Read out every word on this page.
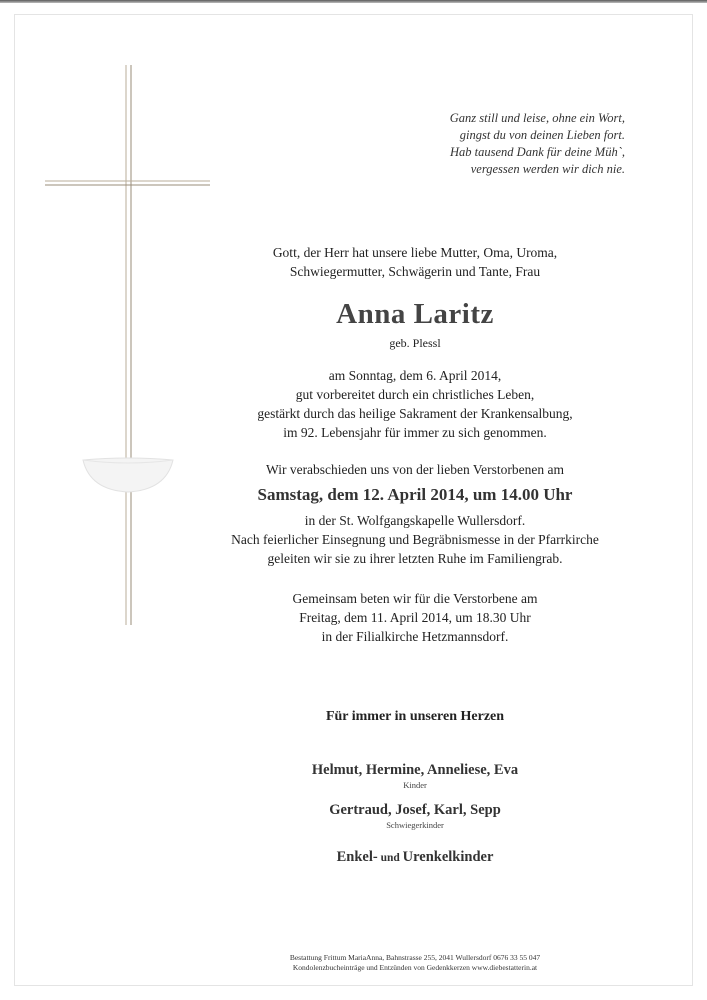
Ganz still und leise, ohne ein Wort,
gingst du von deinen Lieben fort.
Hab tausend Dank für deine Müh`,
vergessen werden wir dich nie.
Gott, der Herr hat unsere liebe Mutter, Oma, Uroma,
Schwiegermutter, Schwägerin und Tante, Frau
Anna Laritz
geb. Plessl
am Sonntag, dem 6. April 2014,
gut vorbereitet durch ein christliches Leben,
gestärkt durch das heilige Sakrament der Krankensalbung,
im 92. Lebensjahr für immer zu sich genommen.
Wir verabschieden uns von der lieben Verstorbenen am
Samstag, dem 12. April 2014, um 14.00 Uhr
in der St. Wolfgangskapelle Wullersdorf.
Nach feierlicher Einsegnung und Begräbnismesse in der Pfarrkirche
geleiten wir sie zu ihrer letzten Ruhe im Familiengrab.
Gemeinsam beten wir für die Verstorbene am
Freitag, dem 11. April 2014, um 18.30 Uhr
in der Filialkirche Hetzmannsdorf.
Für immer in unseren Herzen
Helmut, Hermine, Anneliese, Eva
Kinder
Gertraud, Josef, Karl, Sepp
Schwiegerkinder
Enkel- und Urenkelkinder
Bestattung Frittum MariaAnna, Bahnstrasse 255, 2041 Wullersdorf 0676 33 55 047
Kondolenzbucheinträge und Entzünden von Gedenkkerzen www.diebestatterin.at
